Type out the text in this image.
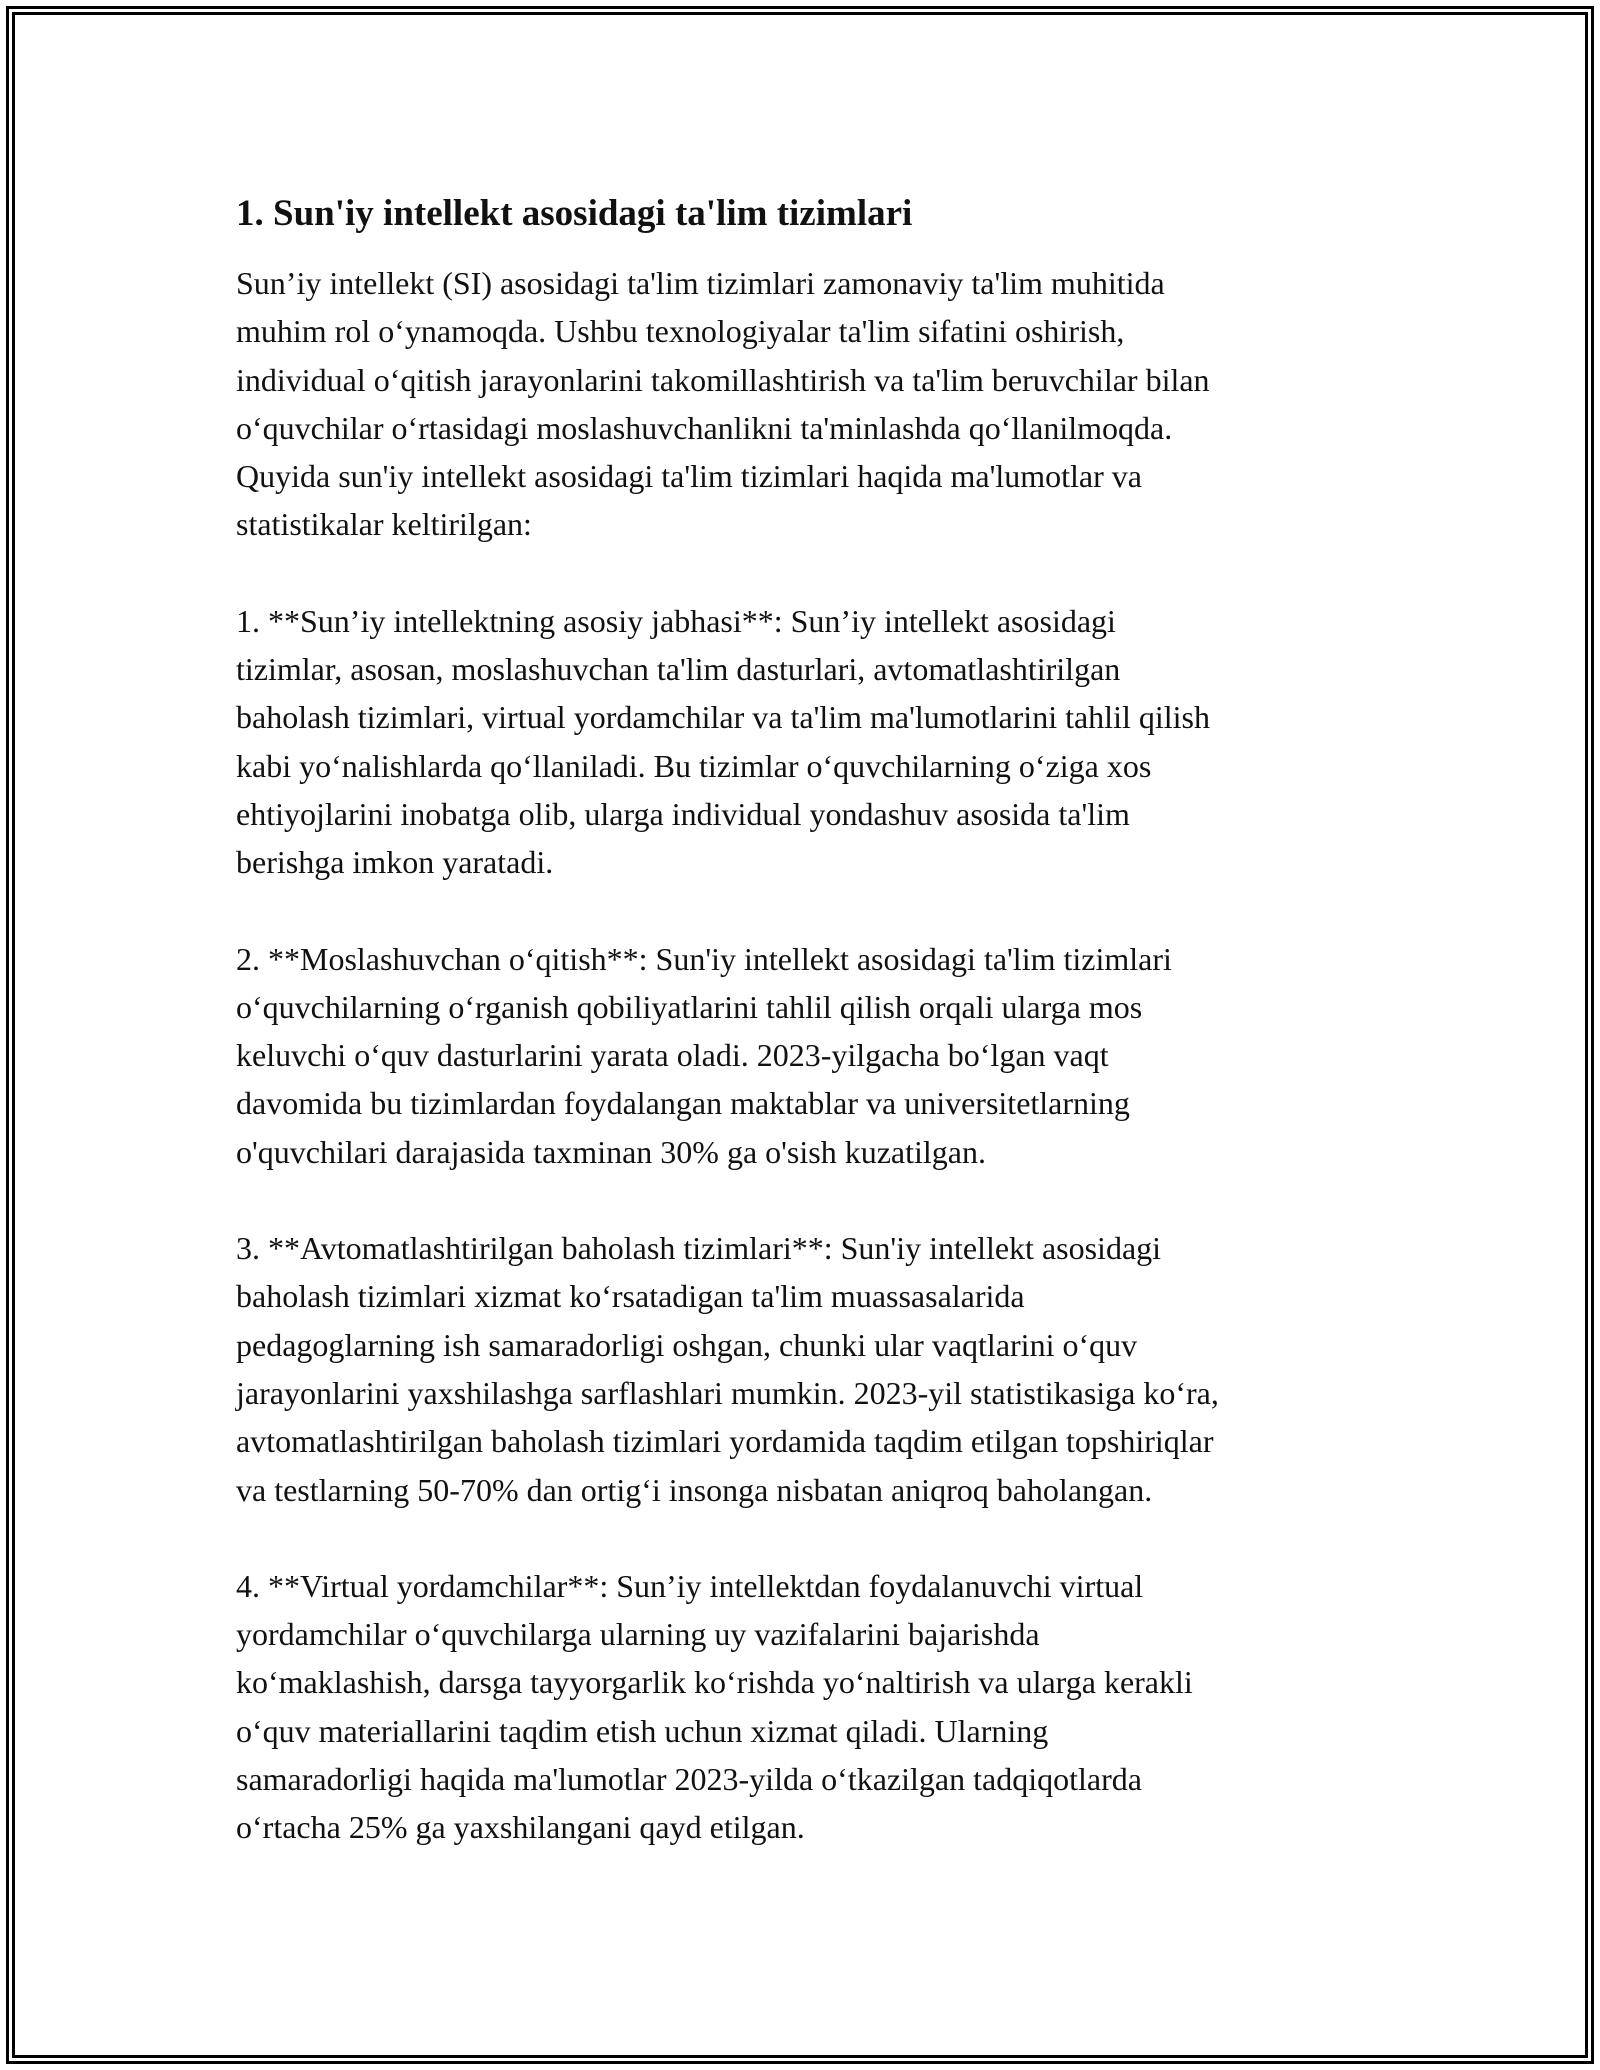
1. Sun'iy intellekt asosidagi ta'lim tizimlari

Sun’iy intellekt (SI) asosidagi ta'lim tizimlari zamonaviy ta'lim muhitida
muhim rol o‘ynamoqda. Ushbu texnologiyalar ta'lim sifatini oshirish,
individual o‘qitish jarayonlarini takomillashtirish va ta'lim beruvchilar bilan
o‘quvchilar o‘rtasidagi moslashuvchanlikni ta'minlashda qo‘llanilmoqda.
Quyida sun'iy intellekt asosidagi ta'lim tizimlari haqida ma'lumotlar va
statistikalar keltirilgan:

1. **Sun’iy intellektning asosiy jabhasi**: Sun’iy intellekt asosidagi
tizimlar, asosan, moslashuvchan ta'lim dasturlari, avtomatlashtirilgan
baholash tizimlari, virtual yordamchilar va ta'lim ma'lumotlarini tahlil qilish
kabi yo‘nalishlarda qo‘llaniladi. Bu tizimlar o‘quvchilarning o‘ziga xos
ehtiyojlarini inobatga olib, ularga individual yondashuv asosida ta'lim
berishga imkon yaratadi.

2. **Moslashuvchan o‘qitish**: Sun'iy intellekt asosidagi ta'lim tizimlari
o‘quvchilarning o‘rganish qobiliyatlarini tahlil qilish orqali ularga mos
keluvchi o‘quv dasturlarini yarata oladi. 2023-yilgacha bo‘lgan vaqt
davomida bu tizimlardan foydalangan maktablar va universitetlarning
o'quvchilari darajasida taxminan 30% ga o'sish kuzatilgan.

3. **Avtomatlashtirilgan baholash tizimlari**: Sun'iy intellekt asosidagi
baholash tizimlari xizmat ko‘rsatadigan ta'lim muassasalarida
pedagoglarning ish samaradorligi oshgan, chunki ular vaqtlarini o‘quv
jarayonlarini yaxshilashga sarflashlari mumkin. 2023-yil statistikasiga ko‘ra,
avtomatlashtirilgan baholash tizimlari yordamida taqdim etilgan topshiriqlar
va testlarning 50-70% dan ortig‘i insonga nisbatan aniqroq baholangan.

4. **Virtual yordamchilar**: Sun’iy intellektdan foydalanuvchi virtual
yordamchilar o‘quvchilarga ularning uy vazifalarini bajarishda
ko‘maklashish, darsga tayyorgarlik ko‘rishda yo‘naltirish va ularga kerakli
o‘quv materiallarini taqdim etish uchun xizmat qiladi. Ularning
samaradorligi haqida ma'lumotlar 2023-yilda o‘tkazilgan tadqiqotlarda
o‘rtacha 25% ga yaxshilangani qayd etilgan.
